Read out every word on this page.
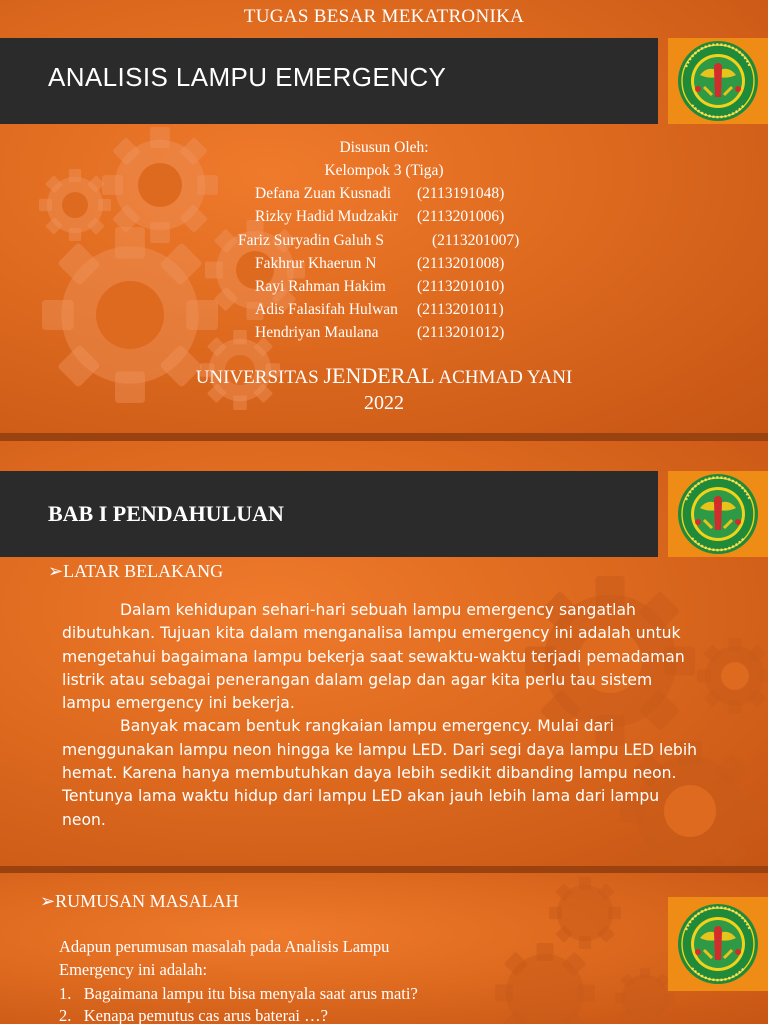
TUGAS BESAR MEKATRONIKA
ANALISIS LAMPU EMERGENCY
Disusun Oleh:
Kelompok 3 (Tiga)
Defana Zuan Kusnadi (2113191048)
Rizky Hadid Mudzakir (2113201006)
Fariz Suryadin Galuh S	(2113201007)
Fakhrur Khaerun N	(2113201008)
Rayi Rahman Hakim (2113201010)
Adis Falasifah Hulwan (2113201011)
Hendriyan Maulana (2113201012)
UNIVERSITAS JENDERAL ACHMAD YANI
2022
BAB I PENDAHULUAN
➢LATAR BELAKANG

Dalam kehidupan sehari-hari sebuah lampu emergency sangatlah dibutuhkan. Tujuan kita dalam menganalisa lampu emergency ini adalah untuk mengetahui bagaimana lampu bekerja saat sewaktu-waktu terjadi pemadaman listrik atau sebagai penerangan dalam gelap dan agar kita perlu tau sistem lampu emergency ini bekerja.

Banyak macam bentuk rangkaian lampu emergency. Mulai dari menggunakan lampu neon hingga ke lampu LED. Dari segi daya lampu LED lebih hemat. Karena hanya membutuhkan daya lebih sedikit dibanding lampu neon. Tentunya lama waktu hidup dari lampu LED akan jauh lebih lama dari lampu neon.

➢RUMUSAN MASALAH
Adapun perumusan masalah pada Analisis Lampu
Emergency ini adalah:
1. Bagaimana lampu itu bisa menyala saat arus mati?
2. Kenapa pemutus cas arus baterai …?
